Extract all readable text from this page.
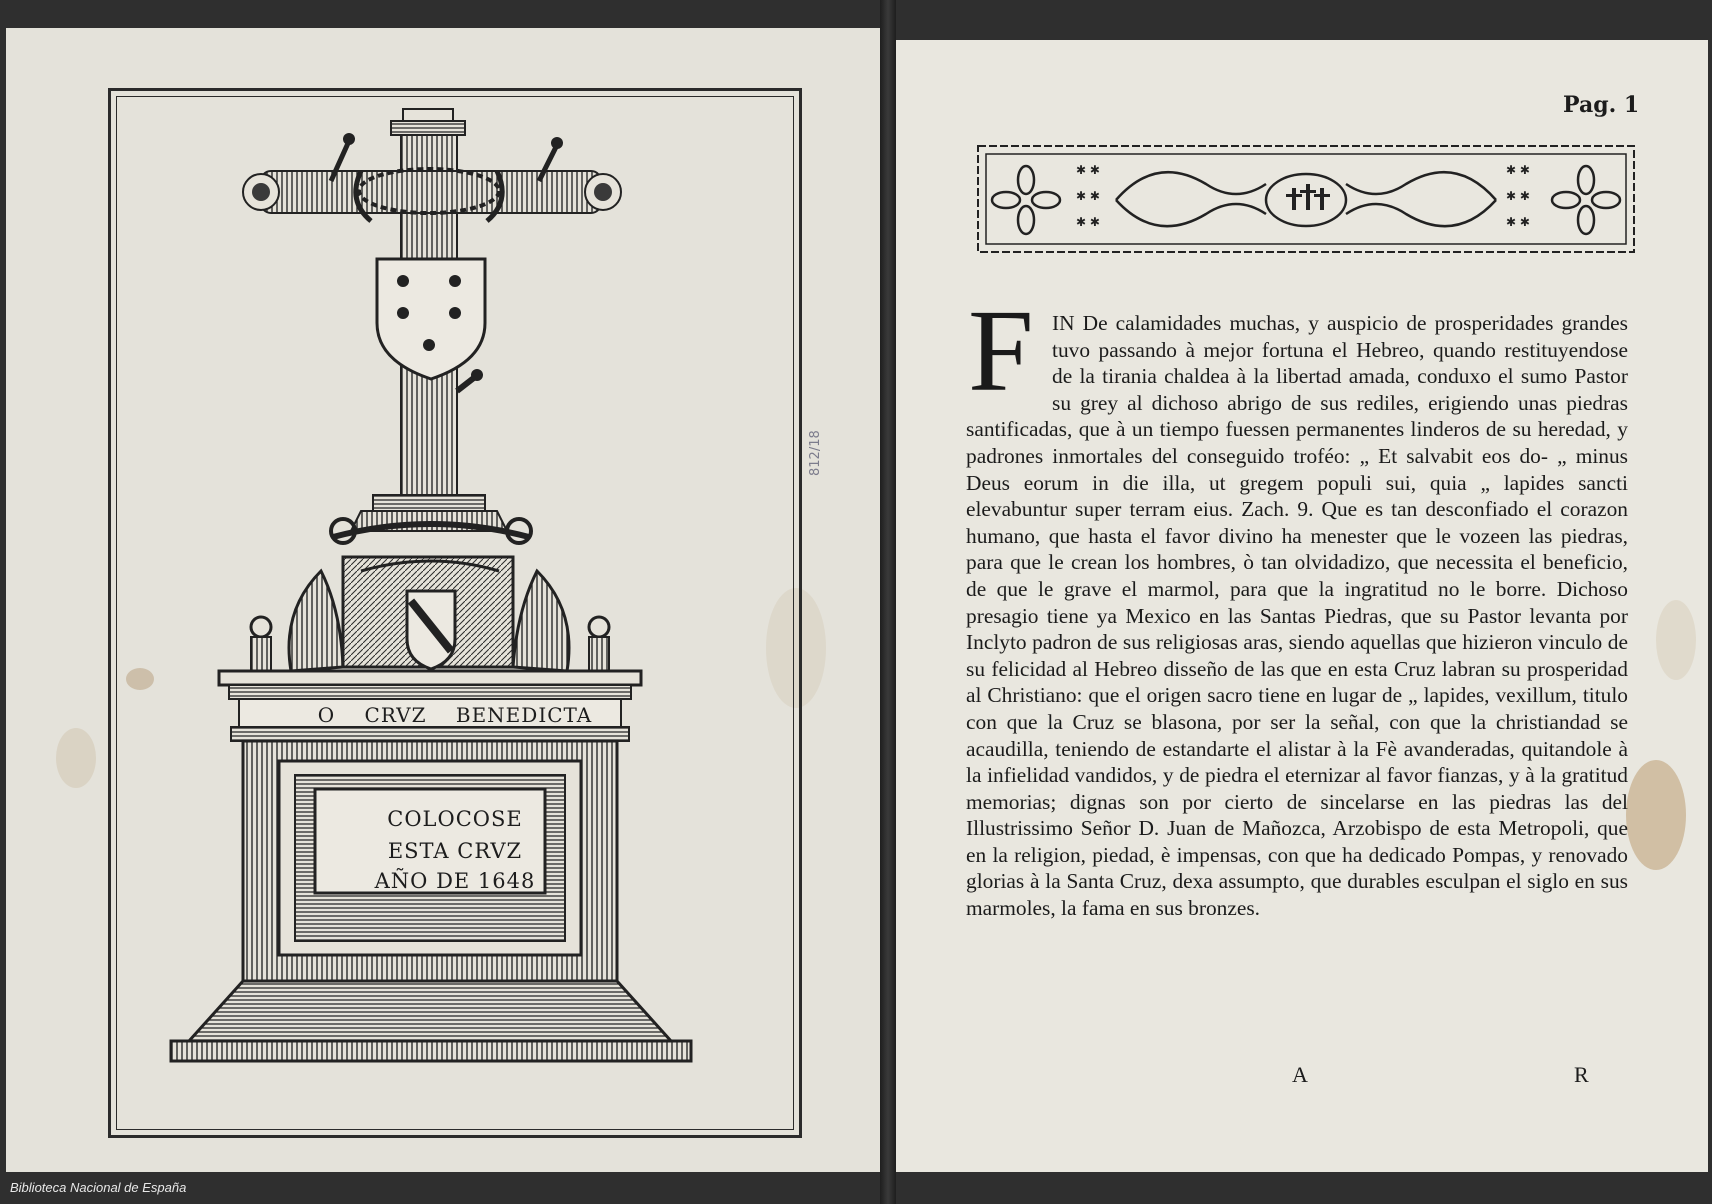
O CRVZ BENEDICTA
COLOCOSE
ESTA CRVZ
AÑO DE 1648
812/18
Pag. 1
✱ ✱
✱ ✱
✱ ✱
✱ ✱
✱ ✱
✱ ✱
F IN De calamidades muchas, y auspicio de prosperidades grandes tuvo passando à mejor fortuna el Hebreo, quando restituyendose de la tirania chaldea à la libertad amada, conduxo el sumo Pastor su grey al dichoso abrigo de sus rediles, erigiendo unas piedras santificadas, que à un tiempo fuessen permanentes linderos de su heredad, y padrones inmortales del conseguido troféo: „ Et salvabit eos do- „ minus Deus eorum in die illa, ut gregem populi sui, quia „ lapides sancti elevabuntur super terram eius. Zach. 9. Que es tan desconfiado el corazon humano, que hasta el favor divino ha menester que le vozeen las piedras, para que le crean los hombres, ò tan olvidadizo, que necessita el beneficio, de que le grave el marmol, para que la ingratitud no le borre. Dichoso presagio tiene ya Mexico en las Santas Piedras, que su Pastor levanta por Inclyto padron de sus religiosas aras, siendo aquellas que hizieron vinculo de su felicidad al Hebreo disseño de las que en esta Cruz labran su prosperidad al Christiano: que el origen sacro tiene en lugar de „ lapides, vexillum, titulo con que la Cruz se blasona, por ser la señal, con que la christiandad se acaudilla, teniendo de estandarte el alistar à la Fè avanderadas, quitandole à la infielidad vandidos, y de piedra el eternizar al favor fianzas, y à la gratitud memorias; dignas son por cierto de sincelarse en las piedras las del Illustrissimo Señor D. Juan de Mañozca, Arzobispo de esta Metropoli, que en la religion, piedad, è impensas, con que ha dedicado Pompas, y renovado glorias à la Santa Cruz, dexa assumpto, que durables esculpan el siglo en sus marmoles, la fama en sus bronzes.

A	R
Biblioteca Nacional de España
